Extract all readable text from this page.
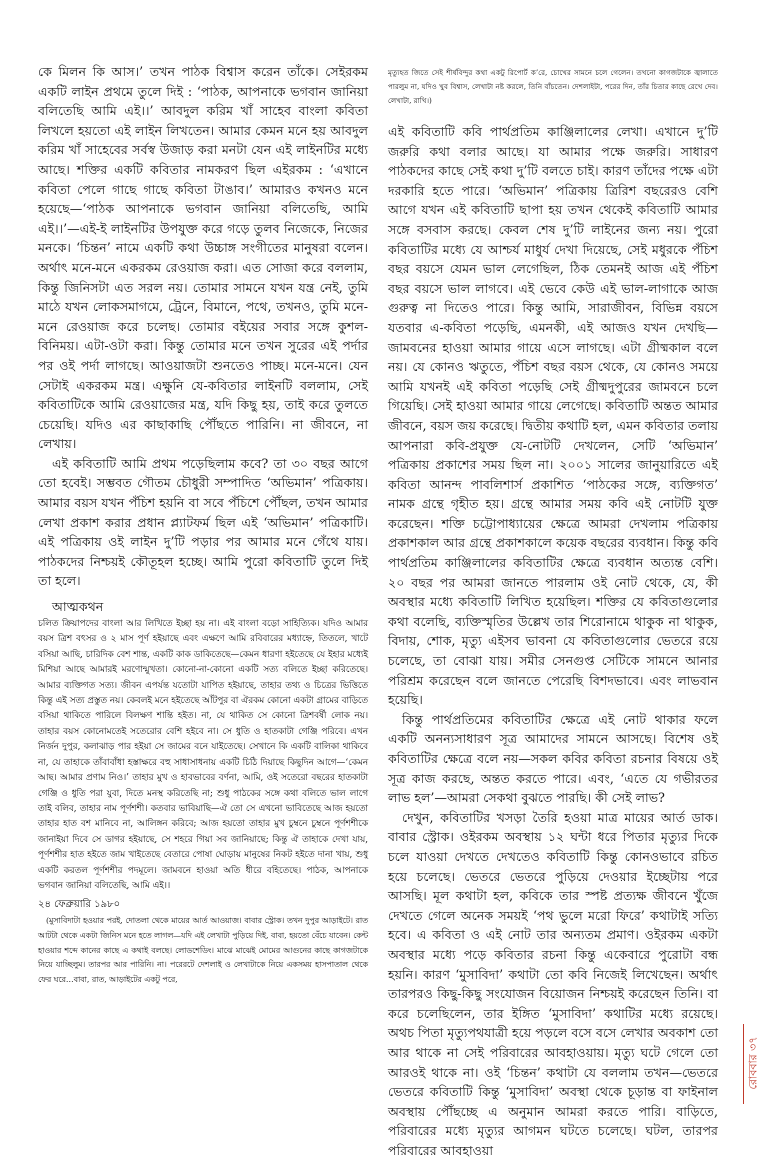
কে মিলন কি আস।’ তখন পাঠক বিশ্বাস করেন তাঁকে। সেইরকম একটি লাইন প্রথমে তুলে দিই : ‘পাঠক, আপনাকে ভগবান জানিয়া বলিতেছি আমি এই।।’ আবদুল করিম খাঁ সাহেব বাংলা কবিতা লিখলে হয়তো এই লাইন লিখতেন। আমার কেমন মনে হয় আবদুল করিম খাঁ সাহেবের সর্বস্ব উজাড় করা মনটা যেন এই লাইনটির মধ্যে আছে। শক্তির একটি কবিতার নামকরণ ছিল এইরকম : ‘এখানে কবিতা পেলে গাছে গাছে কবিতা টাঙাব।’ আমারও কখনও মনে হয়েছে—‘পাঠক আপনাকে ভগবান জানিয়া বলিতেছি, আমি এই।।’—এই-ই লাইনটির উপযুক্ত করে গড়ে তুলব নিজেকে, নিজের মনকে। ‘চিন্তন’ নামে একটি কথা উচ্চাঙ্গ সংগীতের মানুষরা বলেন। অর্থাৎ মনে-মনে একরকম রেওয়াজ করা। এত সোজা করে বললাম, কিন্তু জিনিসটা এত সরল নয়। তোমার সামনে যখন যন্ত্র নেই, তুমি মাঠে যখন লোকসমাগমে, ট্রেনে, বিমানে, পথে, তখনও, তুমি মনে-মনে রেওয়াজ করে চলেছ। তোমার বইয়ের সবার সঙ্গে কুশল-বিনিময়। এটা-ওটা করা। কিন্তু তোমার মনে তখন সুরের এই পর্দার পর ওই পর্দা লাগছে। আওয়াজটা শুনতেও পাচ্ছ। মনে-মনে। যেন সেটাই একরকম মন্ত্র। এক্ষুনি যে-কবিতার লাইনটি বললাম, সেই কবিতাটিকে আমি রেওয়াজের মন্ত্র, যদি কিছু হয়, তাই করে তুলতে চেয়েছি। যদিও এর কাছাকাছি পৌঁছতে পারিনি। না জীবনে, না লেখায়।

এই কবিতাটি আমি প্রথম পড়েছিলাম কবে? তা ৩০ বছর আগে তো হবেই। সম্ভবত গৌতম চৌধুরী সম্পাদিত ‘অভিমান’ পত্রিকায়। আমার বয়স যখন পঁচিশ হয়নি বা সবে পঁচিশে পৌঁছল, তখন আমার লেখা প্রকাশ করার প্রধান প্ল্যাটফর্ম ছিল এই ‘অভিমান’ পত্রিকাটি। এই পত্রিকায় ওই লাইন দু’টি পড়ার পর আমার মনে গেঁথে যায়। পাঠকদের নিশ্চয়ই কৌতূহল হচ্ছে। আমি পুরো কবিতাটি তুলে দিই তা হলে।

আত্মকথন

চলিত ক্রিয়াপদের বাংলা আর লিখিতে ইচ্ছা হয় না। এই বাংলা বড়ো সাহিত্যিক। যদিও আমার বয়স ত্রিশ বৎসর ও ২ মাস পূর্ণ হইয়াছে এবং এক্ষণে আমি রবিবারের মধ্যাহ্নে, তিতলে, খাটে বসিয়া আছি, চারিদিক বেশ শান্ত, একটি কাক ডাকিতেছে—কেমন ধারণা হইতেছে যে ইহার মধ্যেই মিশিয়া আছে আমারই মরণোন্মুখতা। কোনো-না-কোনো একটি সত্য বলিতে ইচ্ছা করিতেছে। আমার ব্যক্তিগত সত্য। জীবন এপর্যন্ত যতোটা যাপিত হইয়াছে, তাহার তথ্য ও চিত্রের ভিত্তিতে কিন্তু এই সত্য প্রস্তুত নয়। কেবলই মনে হইতেছে আঁটপুর বা ঐরকম কোনো একটা গ্রামের বাড়িতে বসিয়া থাকিতে পারিলে বিলক্ষণ শান্তি হইত। না, যে থাকিত সে কোনো ত্রিশবর্ষী লোক নয়। তাহার বয়স কোনোমতেই সতেরোর বেশি হইবে না। সে ধুতি ও হাতকাটা গেঞ্জি পরিবে। এখন নির্জন দুপুর, কলাঝাড় পার হইয়া সে জামের বনে যাইতেছে। সেখানে কি একটি বালিকা থাকিবে না, যে তাহাকে তাঁবাবাঁধা হস্তাক্ষরে বহু সাধাসাধনায় একটি চিঠি দিয়াছে কিছুদিন আগে—‘কেমন আছ। আমার প্রণাম নিও।’ তাহার মুখ ও হাবভাবের বর্ণনা, আমি, ওই সতেরো বছরের হাতকাটা গেঞ্জি ও ধুতি পরা যুবা, দিতে মনস্থ করিতেছি না; শুধু পাঠকের সঙ্গে কথা বলিতে ভাল লাগে তাই বলিব, তাহার নাম পূর্ণশশী। কতবার ভাবিয়াছি—ঐ তো সে এখনো ভাবিতেছে আজ হয়তো তাহার হাত বশ মানিবে না, আলিঙ্গন করিবে; আজ হয়তো তাহার মুখ চুম্বনে চুম্বনে পূর্ণশশীকে জানাইয়া দিবে সে ডাগর হইয়াছে, সে শহরে গিয়া সব জানিয়াছে; কিন্তু ঐ তাহাকে দেখা যায়, পূর্ণশশীর হাত হইতে জাম খাইতেছে বেতারে পোষা ঘোড়ায় মানুষের নিকট হইতে দানা খায়, শুধু একটি করতল পূর্ণশশীর পদমূলে। জামবনে হাওয়া অতি ধীরে বহিতেছে। পাঠক, আপনাকে ভগবান জানিয়া বলিতেছি, আমি এই।।

২৪ ফেব্রুয়ারি ১৯৮০

(মুসাবিদাটা হওয়ার পরই, দোতলা থেকে মায়ের আর্ত আওয়াজ। বাবার স্ট্রোক। তখন দুপুর আড়াইটে। রাত আটটা থেকে একটা জিনিস মনে হতে লাগল—যদি এই লেখাটা পুড়িয়ে দিই, বাবা, হয়তো বেঁচে যাবেন। কেন্ট হাওয়ার শব্দে কানের কাছে এ কথাই বলছে। লোডশেডিং। মাঝে মাঝেই মোমের আগুনের কাছে কাগজটাকে নিয়ে যাচ্ছিলুম। তারপর আর পারিনি। না। পরেরটে দেশলাই ও লেখাটাকে নিয়ে একসময় হাসপাতাল থেকে ফের ঘরে…বাবা, রাত, আড়াইটের একটু পরে,

মৃত্যুহত জিতে সেই শীর্ষবিন্দুর কথা একটু রিপোর্ট ক’রে, চোখের সামনে চলে গেলেন। তখনো কাগজটাকে জ্বালাতে পারলুম না, যদিও খুব বিশ্বাস, লেখাটা নষ্ট করলে, তিনি বাঁচতেন। দেশলাইটা, পরের দিন, তাঁর চিতার কাছে রেখে দেব। লেখাটা, রাখি।)

এই কবিতাটি কবি পার্থপ্রতিম কাঞ্জিলালের লেখা। এখানে দু’টি জরুরি কথা বলার আছে। যা আমার পক্ষে জরুরি। সাধারণ পাঠকদের কাছে সেই কথা দু’টি বলতে চাই। কারণ তাঁদের পক্ষে এটা দরকারি হতে পারে। ‘অভিমান’ পত্রিকায় ত্রিরিশ বছরেরও বেশি আগে যখন এই কবিতাটি ছাপা হয় তখন থেকেই কবিতাটি আমার সঙ্গে বসবাস করছে। কেবল শেষ দু’টি লাইনের জন্য নয়। পুরো কবিতাটির মধ্যে যে আশ্চর্য মাধুর্য দেখা দিয়েছে, সেই মধুরকে পঁচিশ বছর বয়সে যেমন ভাল লেগেছিল, ঠিক তেমনই আজ এই পঁচিশ বছর বয়সে ভাল লাগবে। এই ভেবে কেউ এই ভাল-লাগাকে আজ গুরুত্ব না দিতেও পারে। কিন্তু আমি, সারাজীবন, বিভিন্ন বয়সে যতবার এ-কবিতা পড়েছি, এমনকী, এই আজও যখন দেখছি—জামবনের হাওয়া আমার গায়ে এসে লাগছে। এটা গ্রীষ্মকাল বলে নয়। যে কোনও ঋতুতে, পঁচিশ বছর বয়স থেকে, যে কোনও সময়ে আমি যখনই এই কবিতা পড়েছি সেই গ্রীষ্মদুপুরের জামবনে চলে গিয়েছি। সেই হাওয়া আমার গায়ে লেগেছে। কবিতাটি অন্তত আমার জীবনে, বয়স জয় করেছে। দ্বিতীয় কথাটি হল, এমন কবিতার তলায় আপনারা কবি-প্রযুক্ত যে-নোটটি দেখলেন, সেটি ‘অভিমান’ পত্রিকায় প্রকাশের সময় ছিল না। ২০০১ সালের জানুয়ারিতে এই কবিতা আনন্দ পাবলিশার্স প্রকাশিত ‘পাঠকের সঙ্গে, ব্যক্তিগত’ নামক গ্রন্থে গৃহীত হয়। গ্রন্থে আমার সময় কবি এই নোটটি যুক্ত করেছেন। শক্তি চট্টোপাধ্যায়ের ক্ষেত্রে আমরা দেখলাম পত্রিকায় প্রকাশকাল আর গ্রন্থে প্রকাশকালে কয়েক বছরের ব্যবধান। কিন্তু কবি পার্থপ্রতিম কাঞ্জিলালের কবিতাটির ক্ষেত্রে ব্যবধান অত্যন্ত বেশি। ২০ বছর পর আমরা জানতে পারলাম ওই নোট থেকে, যে, কী অবস্থার মধ্যে কবিতাটি লিখিত হয়েছিল। শক্তির যে কবিতাগুলোর কথা বলেছি, ব্যক্তিস্মৃতির উল্লেখ তার শিরোনামে থাকুক না থাকুক, বিদায়, শোক, মৃত্যু এইসব ভাবনা যে কবিতাগুলোর ভেতরে রয়ে চলেছে, তা বোঝা যায়। সমীর সেনগুপ্ত সেটিকে সামনে আনার পরিশ্রম করেছেন বলে জানতে পেরেছি বিশদভাবে। এবং লাভবান হয়েছি।

কিন্তু পার্থপ্রতিমের কবিতাটির ক্ষেত্রে এই নোট থাকার ফলে একটি অনন্যসাধারণ সূত্র আমাদের সামনে আসছে। বিশেষ ওই কবিতাটির ক্ষেত্রে বলে নয়—সকল কবির কবিতা রচনার বিষয়ে ওই সূত্র কাজ করছে, অন্তত করতে পারে। এবং, ‘এতে যে গভীরতর লাভ হল’—আমরা সেকথা বুঝতে পারছি। কী সেই লাভ?

দেখুন, কবিতাটির খসড়া তৈরি হওয়া মাত্র মায়ের আর্ত ডাক। বাবার স্ট্রোক। ওইরকম অবস্থায় ১২ ঘন্টা ধরে পিতার মৃত্যুর দিকে চলে যাওয়া দেখতে দেখতেও কবিতাটি কিন্তু কোনওভাবে রচিত হয়ে চলেছে। ভেতরে ভেতরে পুড়িয়ে দেওয়ার ইচ্ছেটায় পরে আসছি। মূল কথাটা হল, কবিকে তার স্পষ্ট প্রত্যক্ষ জীবনে খুঁজে দেখতে গেলে অনেক সময়ই ‘পথ ভুলে মরো ফিরে’ কথাটাই সত্যি হবে। এ কবিতা ও এই নোট তার অন্যতম প্রমাণ। ওইরকম একটা অবস্থার মধ্যে পড়ে কবিতার রচনা কিন্তু একেবারে পুরোটা বন্ধ হয়নি। কারণ ‘মুসাবিদা’ কথাটা তো কবি নিজেই লিখেছেন। অর্থাৎ তারপরও কিছু-কিছু সংযোজন বিয়োজন নিশ্চয়ই করেছেন তিনি। বা করে চলেছিলেন, তার ইঙ্গিত ‘মুসাবিদা’ কথাটির মধ্যে রয়েছে। অথচ পিতা মৃত্যুপথযাত্রী হয়ে পড়লে বসে বসে লেখার অবকাশ তো আর থাকে না সেই পরিবারের আবহাওয়ায়। মৃত্যু ঘটে গেলে তো আরওই থাকে না। ওই ‘চিন্তন’ কথাটা যে বললাম তখন—ভেতরে ভেতরে কবিতাটি কিন্তু ‘মুসাবিদা’ অবস্থা থেকে চূড়ান্ত বা ফাইনাল অবস্থায় পৌঁছচ্ছে এ অনুমান আমরা করতে পারি। বাড়িতে, পরিবারের মধ্যে মৃত্যুর আগমন ঘটতে চলেছে। ঘটল, তারপর পরিবারের আবহাওয়া

রোববার ৩৭
